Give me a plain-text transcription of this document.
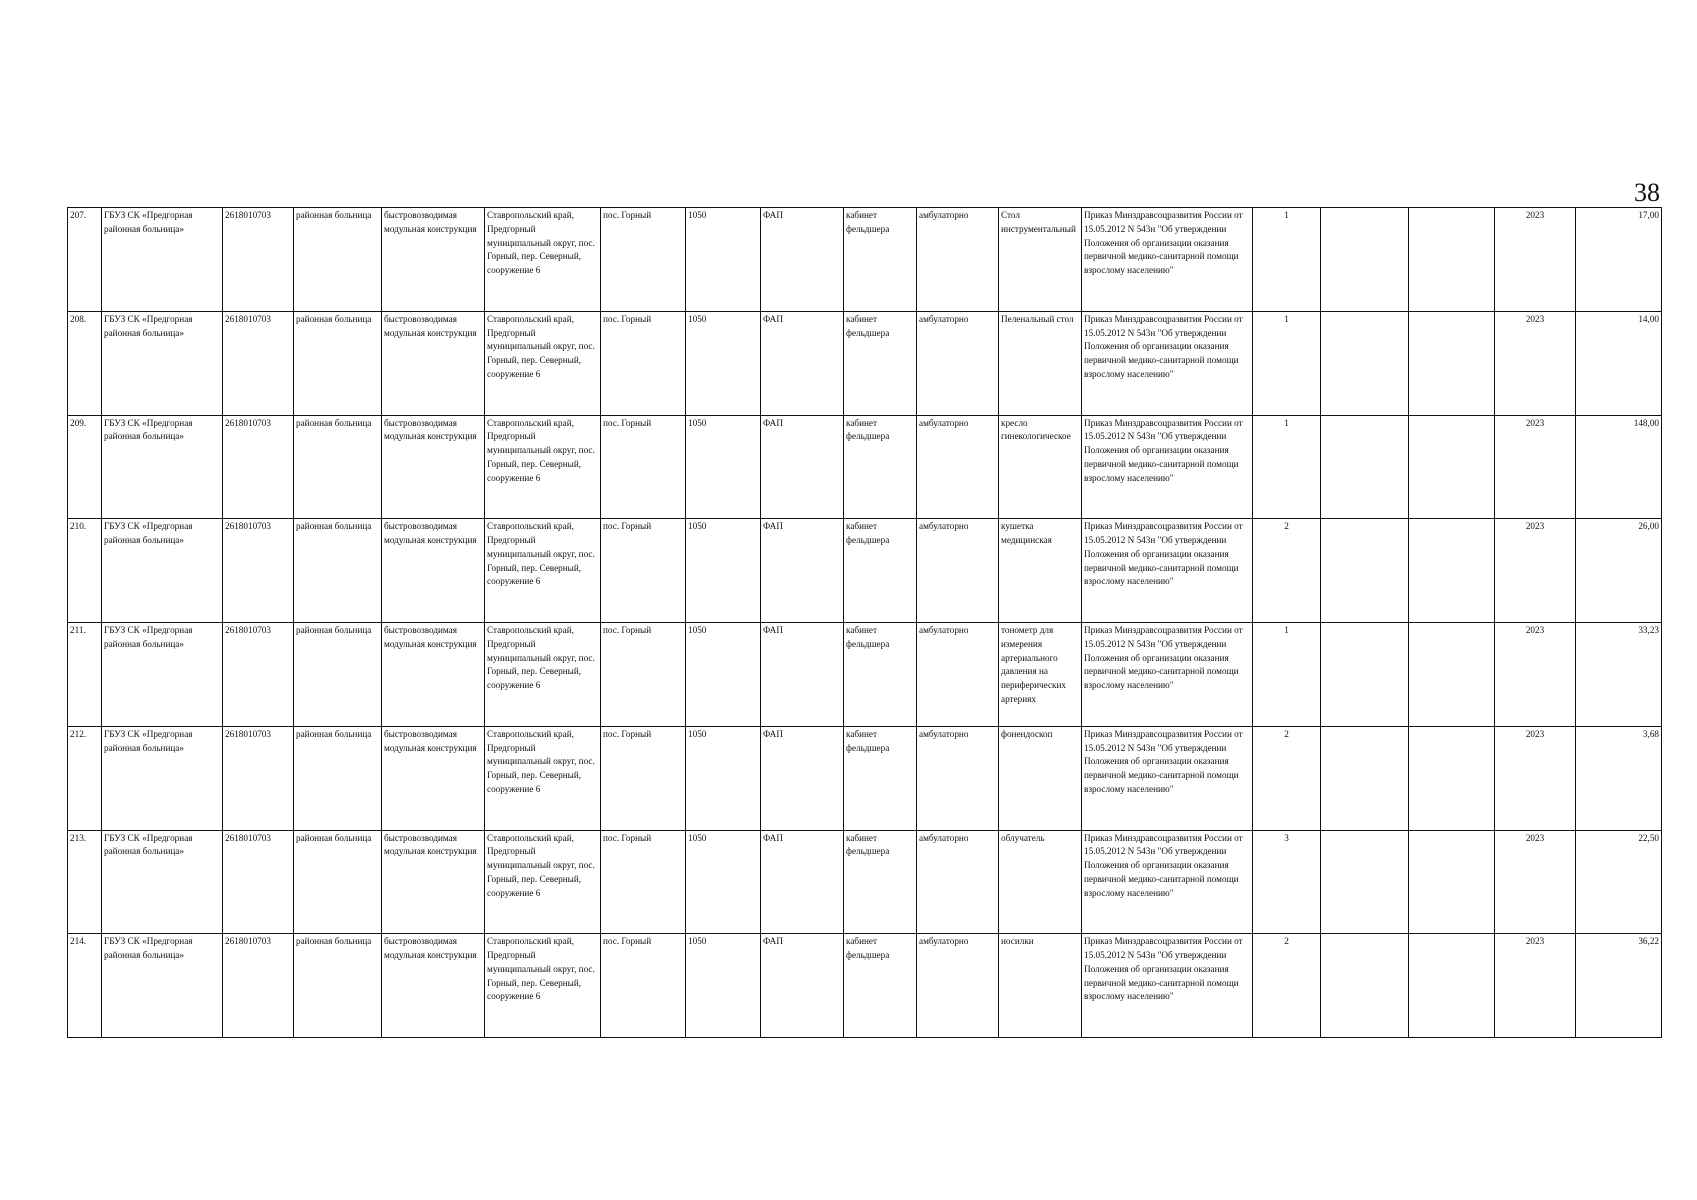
38
207.	ГБУЗ СК «Предгорная районная больница»	2618010703	районная больница	быстровозводимая модульная конструкция	Ставропольский край, Предгорный муниципальный округ, пос. Горный, пер. Северный, сооружение 6	пос. Горный	1050	ФАП	кабинет фельдшера	амбулаторно	Стол инструментальный	Приказ Минздравсоцразвития России от 15.05.2012 N 543н "Об утверждении Положения об организации оказания первичной медико-санитарной помощи взрослому населению"	1			2023	17,00
208.	ГБУЗ СК «Предгорная районная больница»	2618010703	районная больница	быстровозводимая модульная конструкция	Ставропольский край, Предгорный муниципальный округ, пос. Горный, пер. Северный, сооружение 6	пос. Горный	1050	ФАП	кабинет фельдшера	амбулаторно	Пеленальный стол	Приказ Минздравсоцразвития России от 15.05.2012 N 543н "Об утверждении Положения об организации оказания первичной медико-санитарной помощи взрослому населению"	1			2023	14,00
209.	ГБУЗ СК «Предгорная районная больница»	2618010703	районная больница	быстровозводимая модульная конструкция	Ставропольский край, Предгорный муниципальный округ, пос. Горный, пер. Северный, сооружение 6	пос. Горный	1050	ФАП	кабинет фельдшера	амбулаторно	кресло гинекологическое	Приказ Минздравсоцразвития России от 15.05.2012 N 543н "Об утверждении Положения об организации оказания первичной медико-санитарной помощи взрослому населению"	1			2023	148,00
210.	ГБУЗ СК «Предгорная районная больница»	2618010703	районная больница	быстровозводимая модульная конструкция	Ставропольский край, Предгорный муниципальный округ, пос. Горный, пер. Северный, сооружение 6	пос. Горный	1050	ФАП	кабинет фельдшера	амбулаторно	кушетка медицинская	Приказ Минздравсоцразвития России от 15.05.2012 N 543н "Об утверждении Положения об организации оказания первичной медико-санитарной помощи взрослому населению"	2			2023	26,00
211.	ГБУЗ СК «Предгорная районная больница»	2618010703	районная больница	быстровозводимая модульная конструкция	Ставропольский край, Предгорный муниципальный округ, пос. Горный, пер. Северный, сооружение 6	пос. Горный	1050	ФАП	кабинет фельдшера	амбулаторно	тонометр для измерения артериального давления на периферических артериях	Приказ Минздравсоцразвития России от 15.05.2012 N 543н "Об утверждении Положения об организации оказания первичной медико-санитарной помощи взрослому населению"	1			2023	33,23
212.	ГБУЗ СК «Предгорная районная больница»	2618010703	районная больница	быстровозводимая модульная конструкция	Ставропольский край, Предгорный муниципальный округ, пос. Горный, пер. Северный, сооружение 6	пос. Горный	1050	ФАП	кабинет фельдшера	амбулаторно	фонендоскоп	Приказ Минздравсоцразвития России от 15.05.2012 N 543н "Об утверждении Положения об организации оказания первичной медико-санитарной помощи взрослому населению"	2			2023	3,68
213.	ГБУЗ СК «Предгорная районная больница»	2618010703	районная больница	быстровозводимая модульная конструкция	Ставропольский край, Предгорный муниципальный округ, пос. Горный, пер. Северный, сооружение 6	пос. Горный	1050	ФАП	кабинет фельдшера	амбулаторно	облучатель	Приказ Минздравсоцразвития России от 15.05.2012 N 543н "Об утверждении Положения об организации оказания первичной медико-санитарной помощи взрослому населению"	3			2023	22,50
214.	ГБУЗ СК «Предгорная районная больница»	2618010703	районная больница	быстровозводимая модульная конструкция	Ставропольский край, Предгорный муниципальный округ, пос. Горный, пер. Северный, сооружение 6	пос. Горный	1050	ФАП	кабинет фельдшера	амбулаторно	носилки	Приказ Минздравсоцразвития России от 15.05.2012 N 543н "Об утверждении Положения об организации оказания первичной медико-санитарной помощи взрослому населению"	2			2023	36,22
